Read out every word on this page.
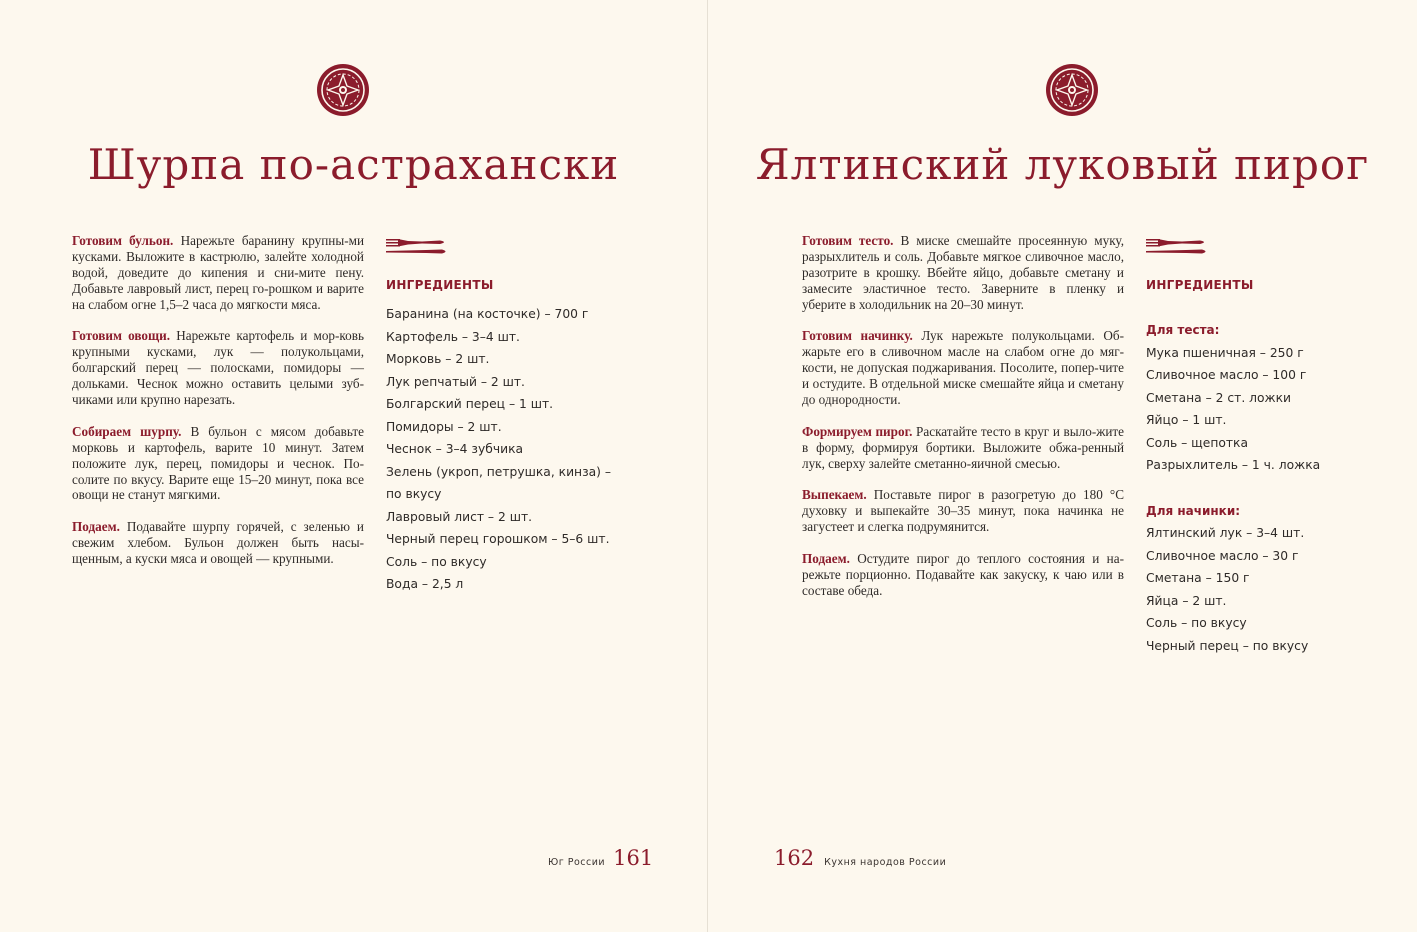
Шурпа по-астрахански

Готовим бульон. Нарежьте баранину крупны-ми кусками. Выложите в кастрюлю, залейте холодной водой, доведите до кипения и сни-мите пену. Добавьте лавровый лист, перец го-рошком и варите на слабом огне 1,5–2 часа до мягкости мяса.

Готовим овощи. Нарежьте картофель и мор-ковь крупными кусками, лук — полукольцами, болгарский перец — полосками, помидоры — дольками. Чеснок можно оставить целыми зуб-чиками или крупно нарезать.

Собираем шурпу. В бульон с мясом добавьте морковь и картофель, варите 10 минут. Затем положите лук, перец, помидоры и чеснок. По-солите по вкусу. Варите еще 15–20 минут, пока все овощи не станут мягкими.

Подаем. Подавайте шурпу горячей, с зеленью и свежим хлебом. Бульон должен быть насы-щенным, а куски мяса и овощей — крупными.

ИНГРЕДИЕНТЫ
Баранина (на косточке) – 700 г
Картофель – 3–4 шт.
Морковь – 2 шт.
Лук репчатый – 2 шт.
Болгарский перец – 1 шт.
Помидоры – 2 шт.
Чеснок – 3–4 зубчика
Зелень (укроп, петрушка, кинза) –
по вкусу
Лавровый лист – 2 шт.
Черный перец горошком – 5–6 шт.
Соль – по вкусу
Вода – 2,5 л
Юг России 161
Ялтинский луковый пирог

Готовим тесто. В миске смешайте просеянную муку, разрыхлитель и соль. Добавьте мягкое сливочное масло, разотрите в крошку. Вбейте яйцо, добавьте сметану и замесите эластичное тесто. Заверните в пленку и уберите в холодильник на 20–30 минут.

Готовим начинку. Лук нарежьте полукольцами. Об-жарьте его в сливочном масле на слабом огне до мяг-кости, не допуская поджаривания. Посолите, попер-чите и остудите. В отдельной миске смешайте яйца и сметану до однородности.

Формируем пирог. Раскатайте тесто в круг и выло-жите в форму, формируя бортики. Выложите обжа-ренный лук, сверху залейте сметанно-яичной смесью.

Выпекаем. Поставьте пирог в разогретую до 180 °С духовку и выпекайте 30–35 минут, пока начинка не загустеет и слегка подрумянится.

Подаем. Остудите пирог до теплого состояния и на-режьте порционно. Подавайте как закуску, к чаю или в составе обеда.

ИНГРЕДИЕНТЫ
Для теста:
Мука пшеничная – 250 г
Сливочное масло – 100 г
Сметана – 2 ст. ложки
Яйцо – 1 шт.
Соль – щепотка
Разрыхлитель – 1 ч. ложка
Для начинки:
Ялтинский лук – 3–4 шт.
Сливочное масло – 30 г
Сметана – 150 г
Яйца – 2 шт.
Соль – по вкусу
Черный перец – по вкусу
162 Кухня народов России
